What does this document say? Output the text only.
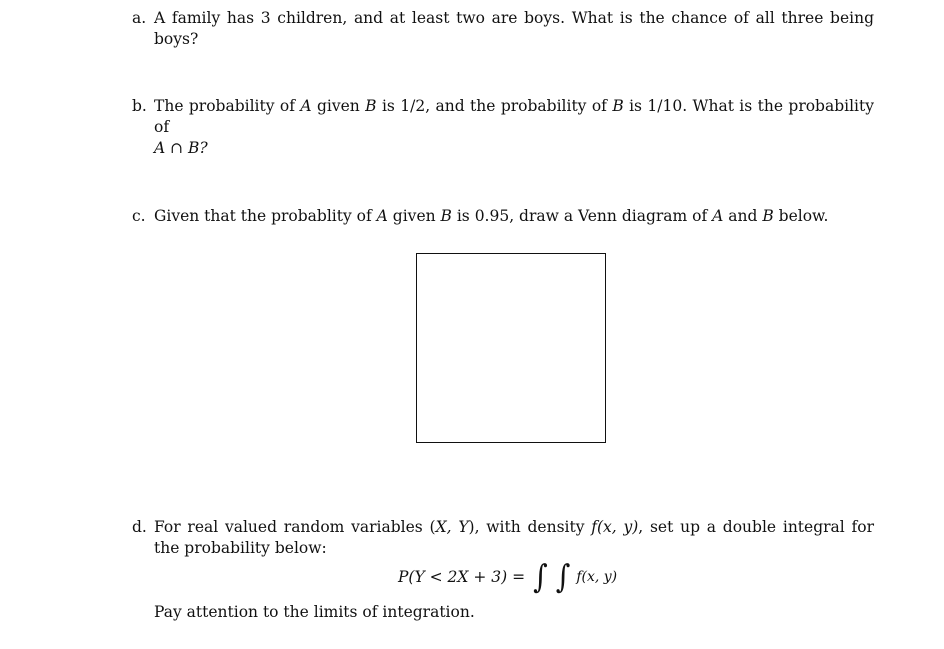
a. A family has 3 children, and at least two are boys. What is the chance of all three being boys?
b. The probability of A given B is 1/2, and the probability of B is 1/10. What is the probability of
A ∩ B?
c. Given that the probablity of A given B is 0.95, draw a Venn diagram of A and B below.
d. For real valued random variables (X, Y), with density f(x, y), set up a double integral for the probability below:
P(Y < 2X + 3) = ∫ ∫ f(x, y)
Pay attention to the limits of integration.
